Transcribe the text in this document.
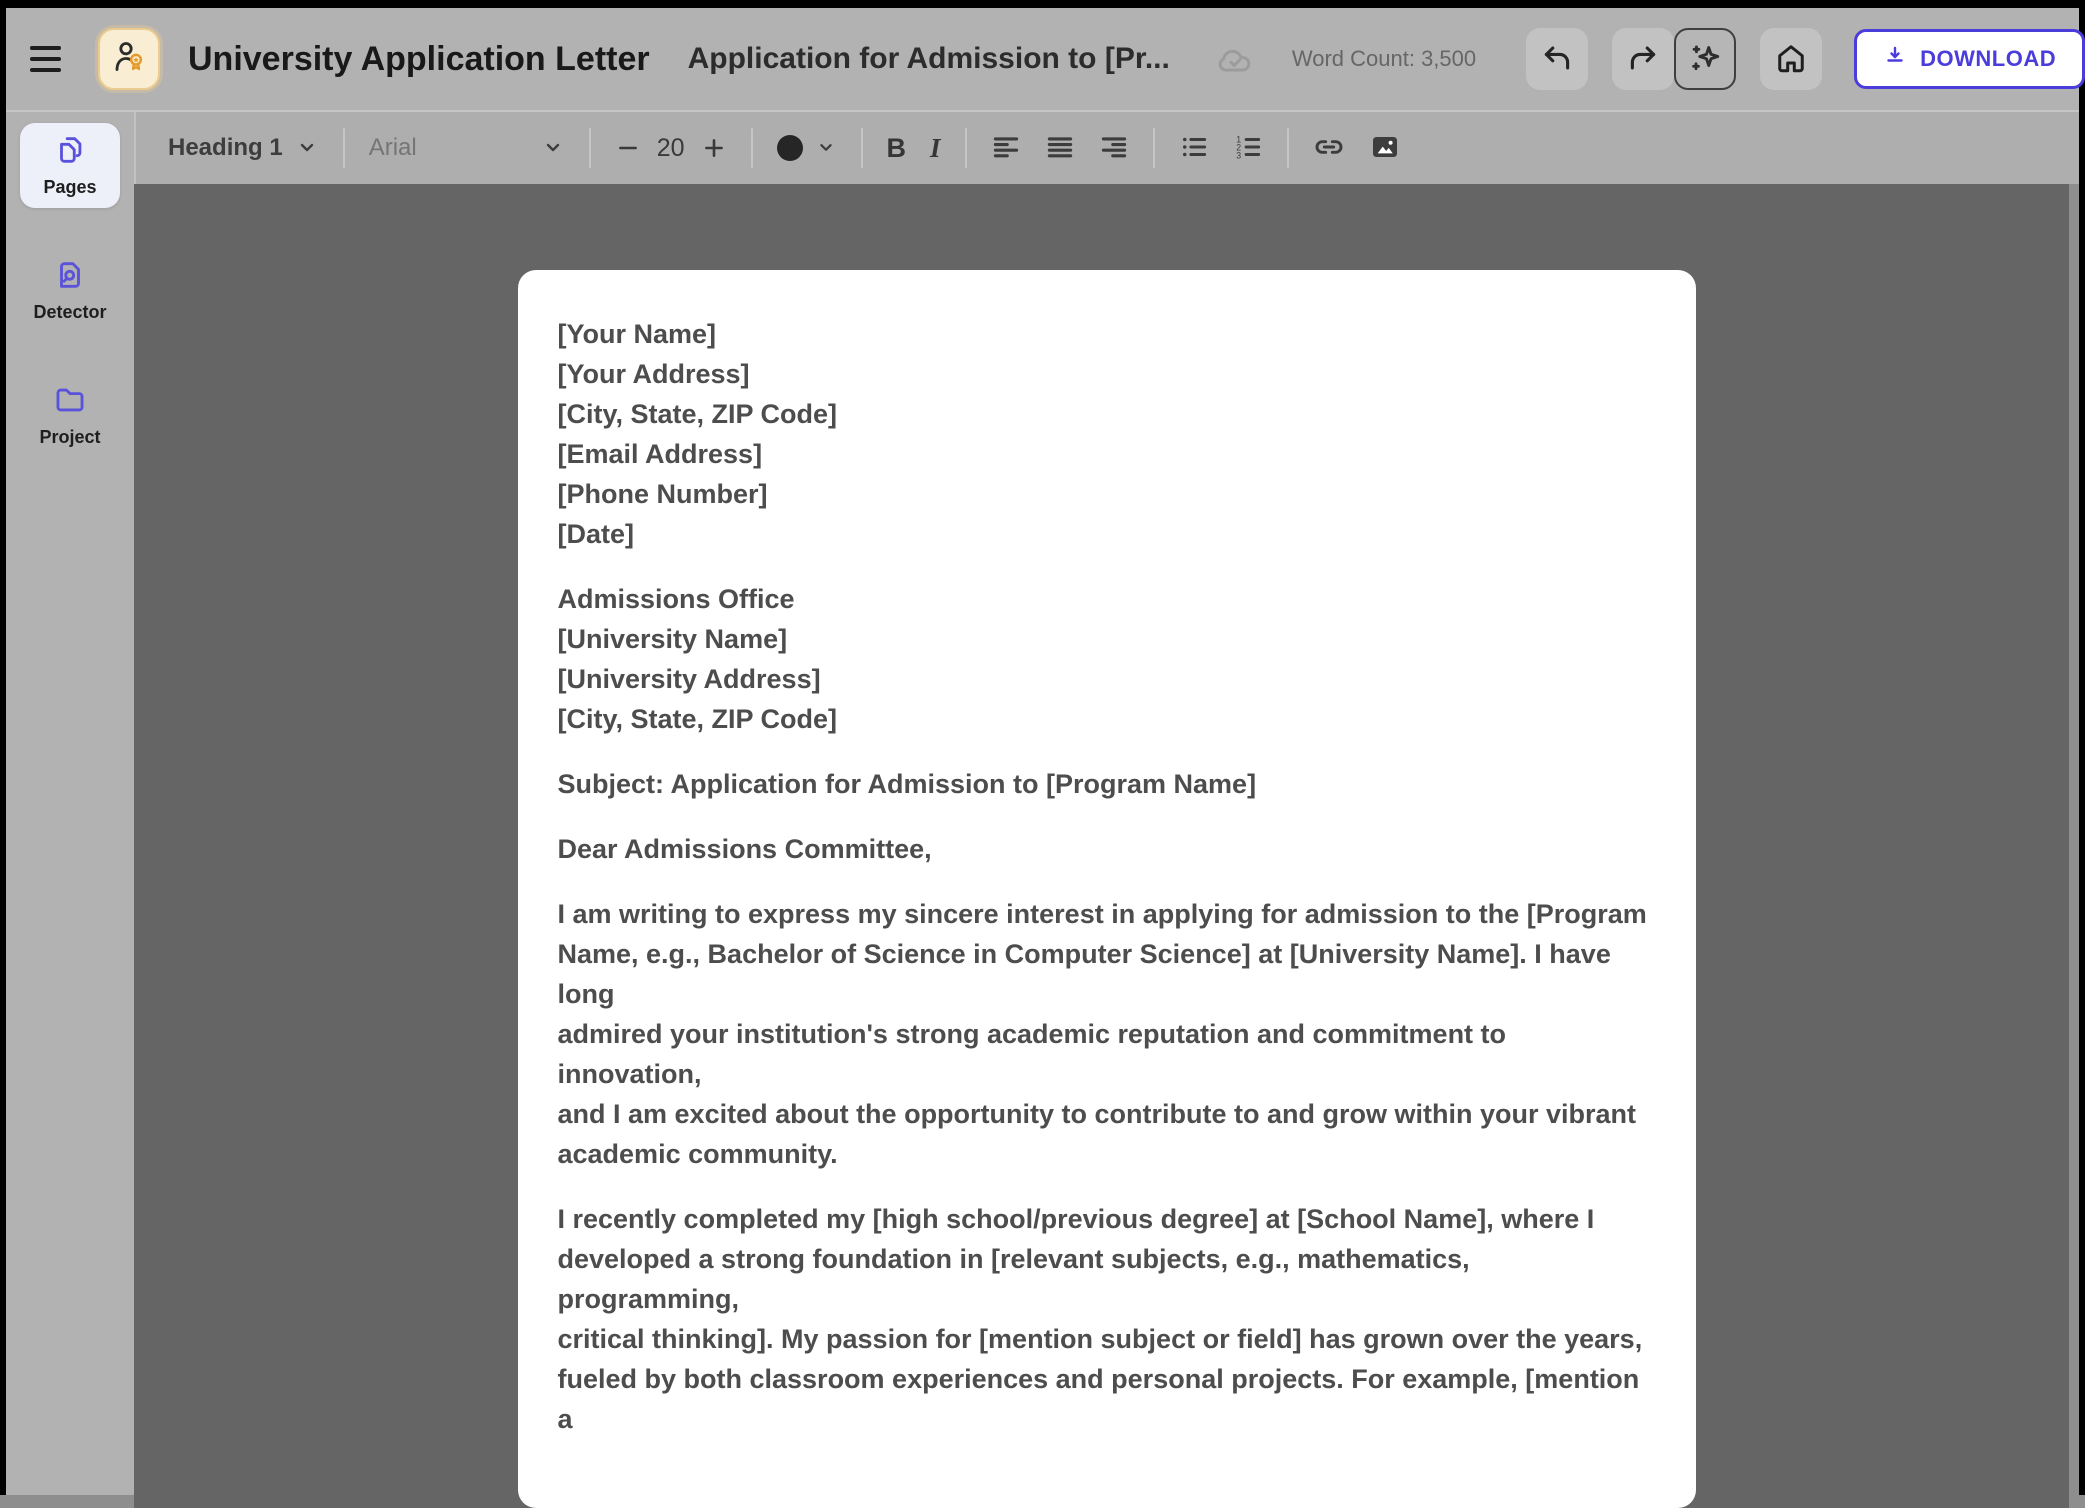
University Application Letter Application for Admission to [Pr...	Word Count: 3,500	DOWNLOAD
Pages
Detector
Project
Heading 1	Arial	20	B I	1
2
3
[Your Name]
[Your Address]
[City, State, ZIP Code]
[Email Address]
[Phone Number]
[Date]
Admissions Office
[University Name]
[University Address]
[City, State, ZIP Code]
Subject: Application for Admission to [Program Name]
Dear Admissions Committee,
I am writing to express my sincere interest in applying for admission to the [Program
Name, e.g., Bachelor of Science in Computer Science] at [University Name]. I have long
admired your institution's strong academic reputation and commitment to innovation,
and I am excited about the opportunity to contribute to and grow within your vibrant
academic community.
I recently completed my [high school/previous degree] at [School Name], where I
developed a strong foundation in [relevant subjects, e.g., mathematics, programming,
critical thinking]. My passion for [mention subject or field] has grown over the years,
fueled by both classroom experiences and personal projects. For example, [mention a
